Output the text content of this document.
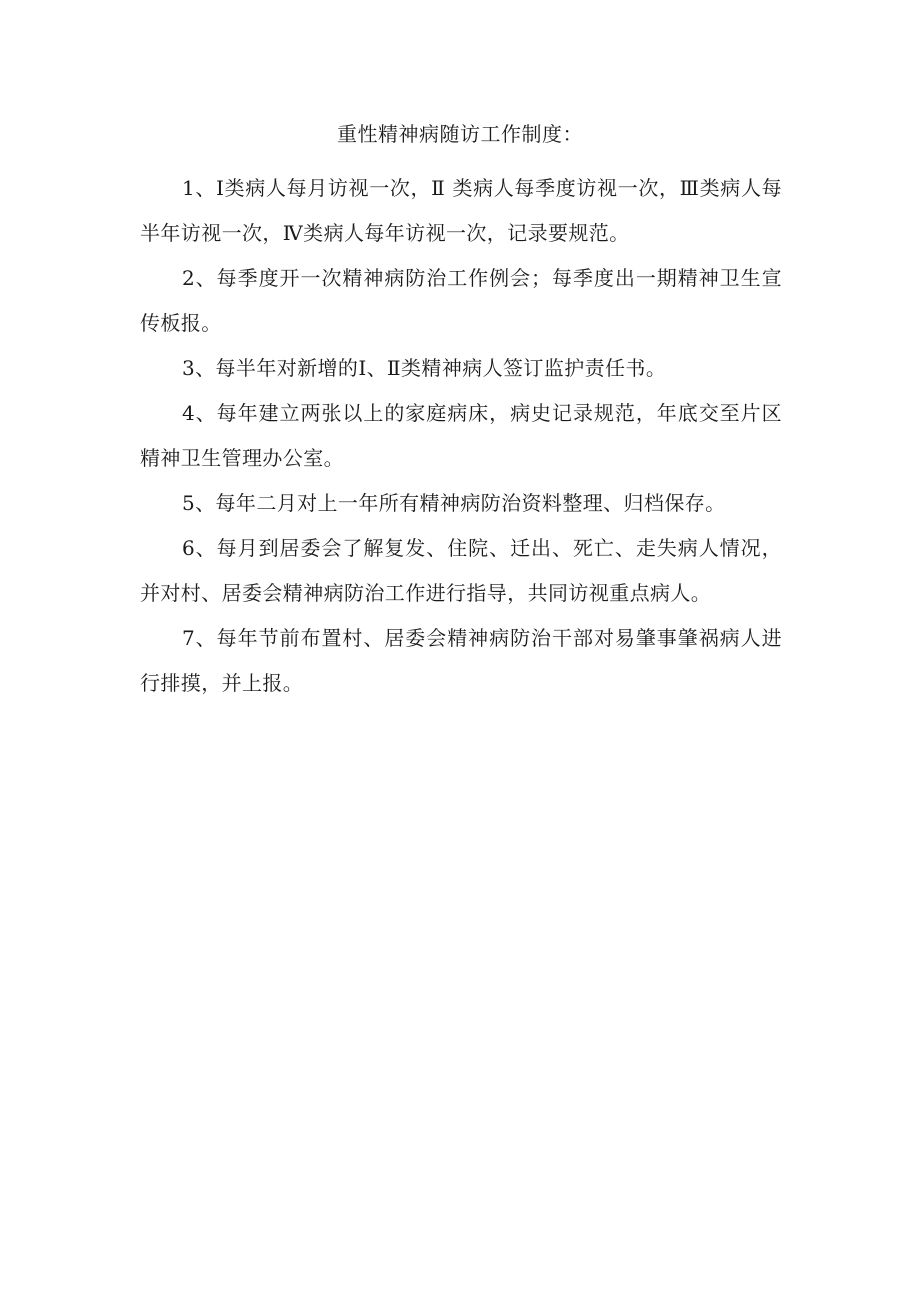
重性精神病随访工作制度：

1、Ⅰ类病人每月访视一次，Ⅱ 类病人每季度访视一次，Ⅲ类病人每半年访视一次，Ⅳ类病人每年访视一次，记录要规范。

2、每季度开一次精神病防治工作例会；每季度出一期精神卫生宣传板报。

3、每半年对新增的Ⅰ、Ⅱ类精神病人签订监护责任书。

4、每年建立两张以上的家庭病床，病史记录规范，年底交至片区精神卫生管理办公室。

5、每年二月对上一年所有精神病防治资料整理、归档保存。

6、每月到居委会了解复发、住院、迁出、死亡、走失病人情况，并对村、居委会精神病防治工作进行指导，共同访视重点病人。

7、每年节前布置村、居委会精神病防治干部对易肇事肇祸病人进行排摸，并上报。
